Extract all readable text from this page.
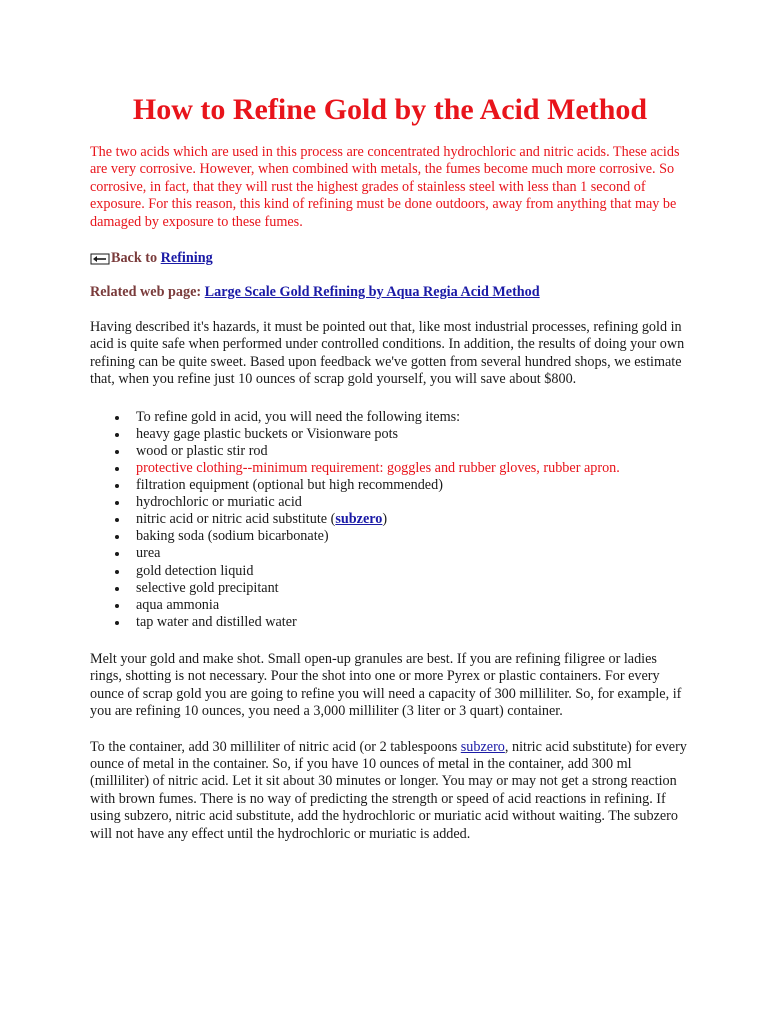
How to Refine Gold by the Acid Method

The two acids which are used in this process are concentrated hydrochloric and nitric acids. These acids are very corrosive. However, when combined with metals, the fumes become much more corrosive. So corrosive, in fact, that they will rust the highest grades of stainless steel with less than 1 second of exposure. For this reason, this kind of refining must be done outdoors, away from anything that may be damaged by exposure to these fumes.

Back to
Refining
Related web page: Large Scale Gold Refining by Aqua Regia Acid Method

Having described it's hazards, it must be pointed out that, like most industrial processes, refining gold in acid is quite safe when performed under controlled conditions. In addition, the results of doing your own refining can be quite sweet. Based upon feedback we've gotten from several hundred shops, we estimate that, when you refine just 10 ounces of scrap gold yourself, you will save about $800.

To refine gold in acid, you will need the following items:
heavy gage plastic buckets or Visionware pots
wood or plastic stir rod
protective clothing--minimum requirement: goggles and rubber gloves, rubber apron.
filtration equipment (optional but high recommended)
hydrochloric or muriatic acid
nitric acid or nitric acid substitute (subzero)
baking soda (sodium bicarbonate)
urea
gold detection liquid
selective gold precipitant
aqua ammonia
tap water and distilled water

Melt your gold and make shot. Small open-up granules are best. If you are refining filigree or ladies rings, shotting is not necessary. Pour the shot into one or more Pyrex or plastic containers. For every ounce of scrap gold you are going to refine you will need a capacity of 300 milliliter. So, for example, if you are refining 10 ounces, you need a 3,000 milliliter (3 liter or 3 quart) container.

To the container, add 30 milliliter of nitric acid (or 2 tablespoons subzero, nitric acid substitute) for every ounce of metal in the container. So, if you have 10 ounces of metal in the container, add 300 ml (milliliter) of nitric acid. Let it sit about 30 minutes or longer. You may or may not get a strong reaction with brown fumes. There is no way of predicting the strength or speed of acid reactions in refining. If using subzero, nitric acid substitute, add the hydrochloric or muriatic acid without waiting. The subzero will not have any effect until the hydrochloric or muriatic is added.
